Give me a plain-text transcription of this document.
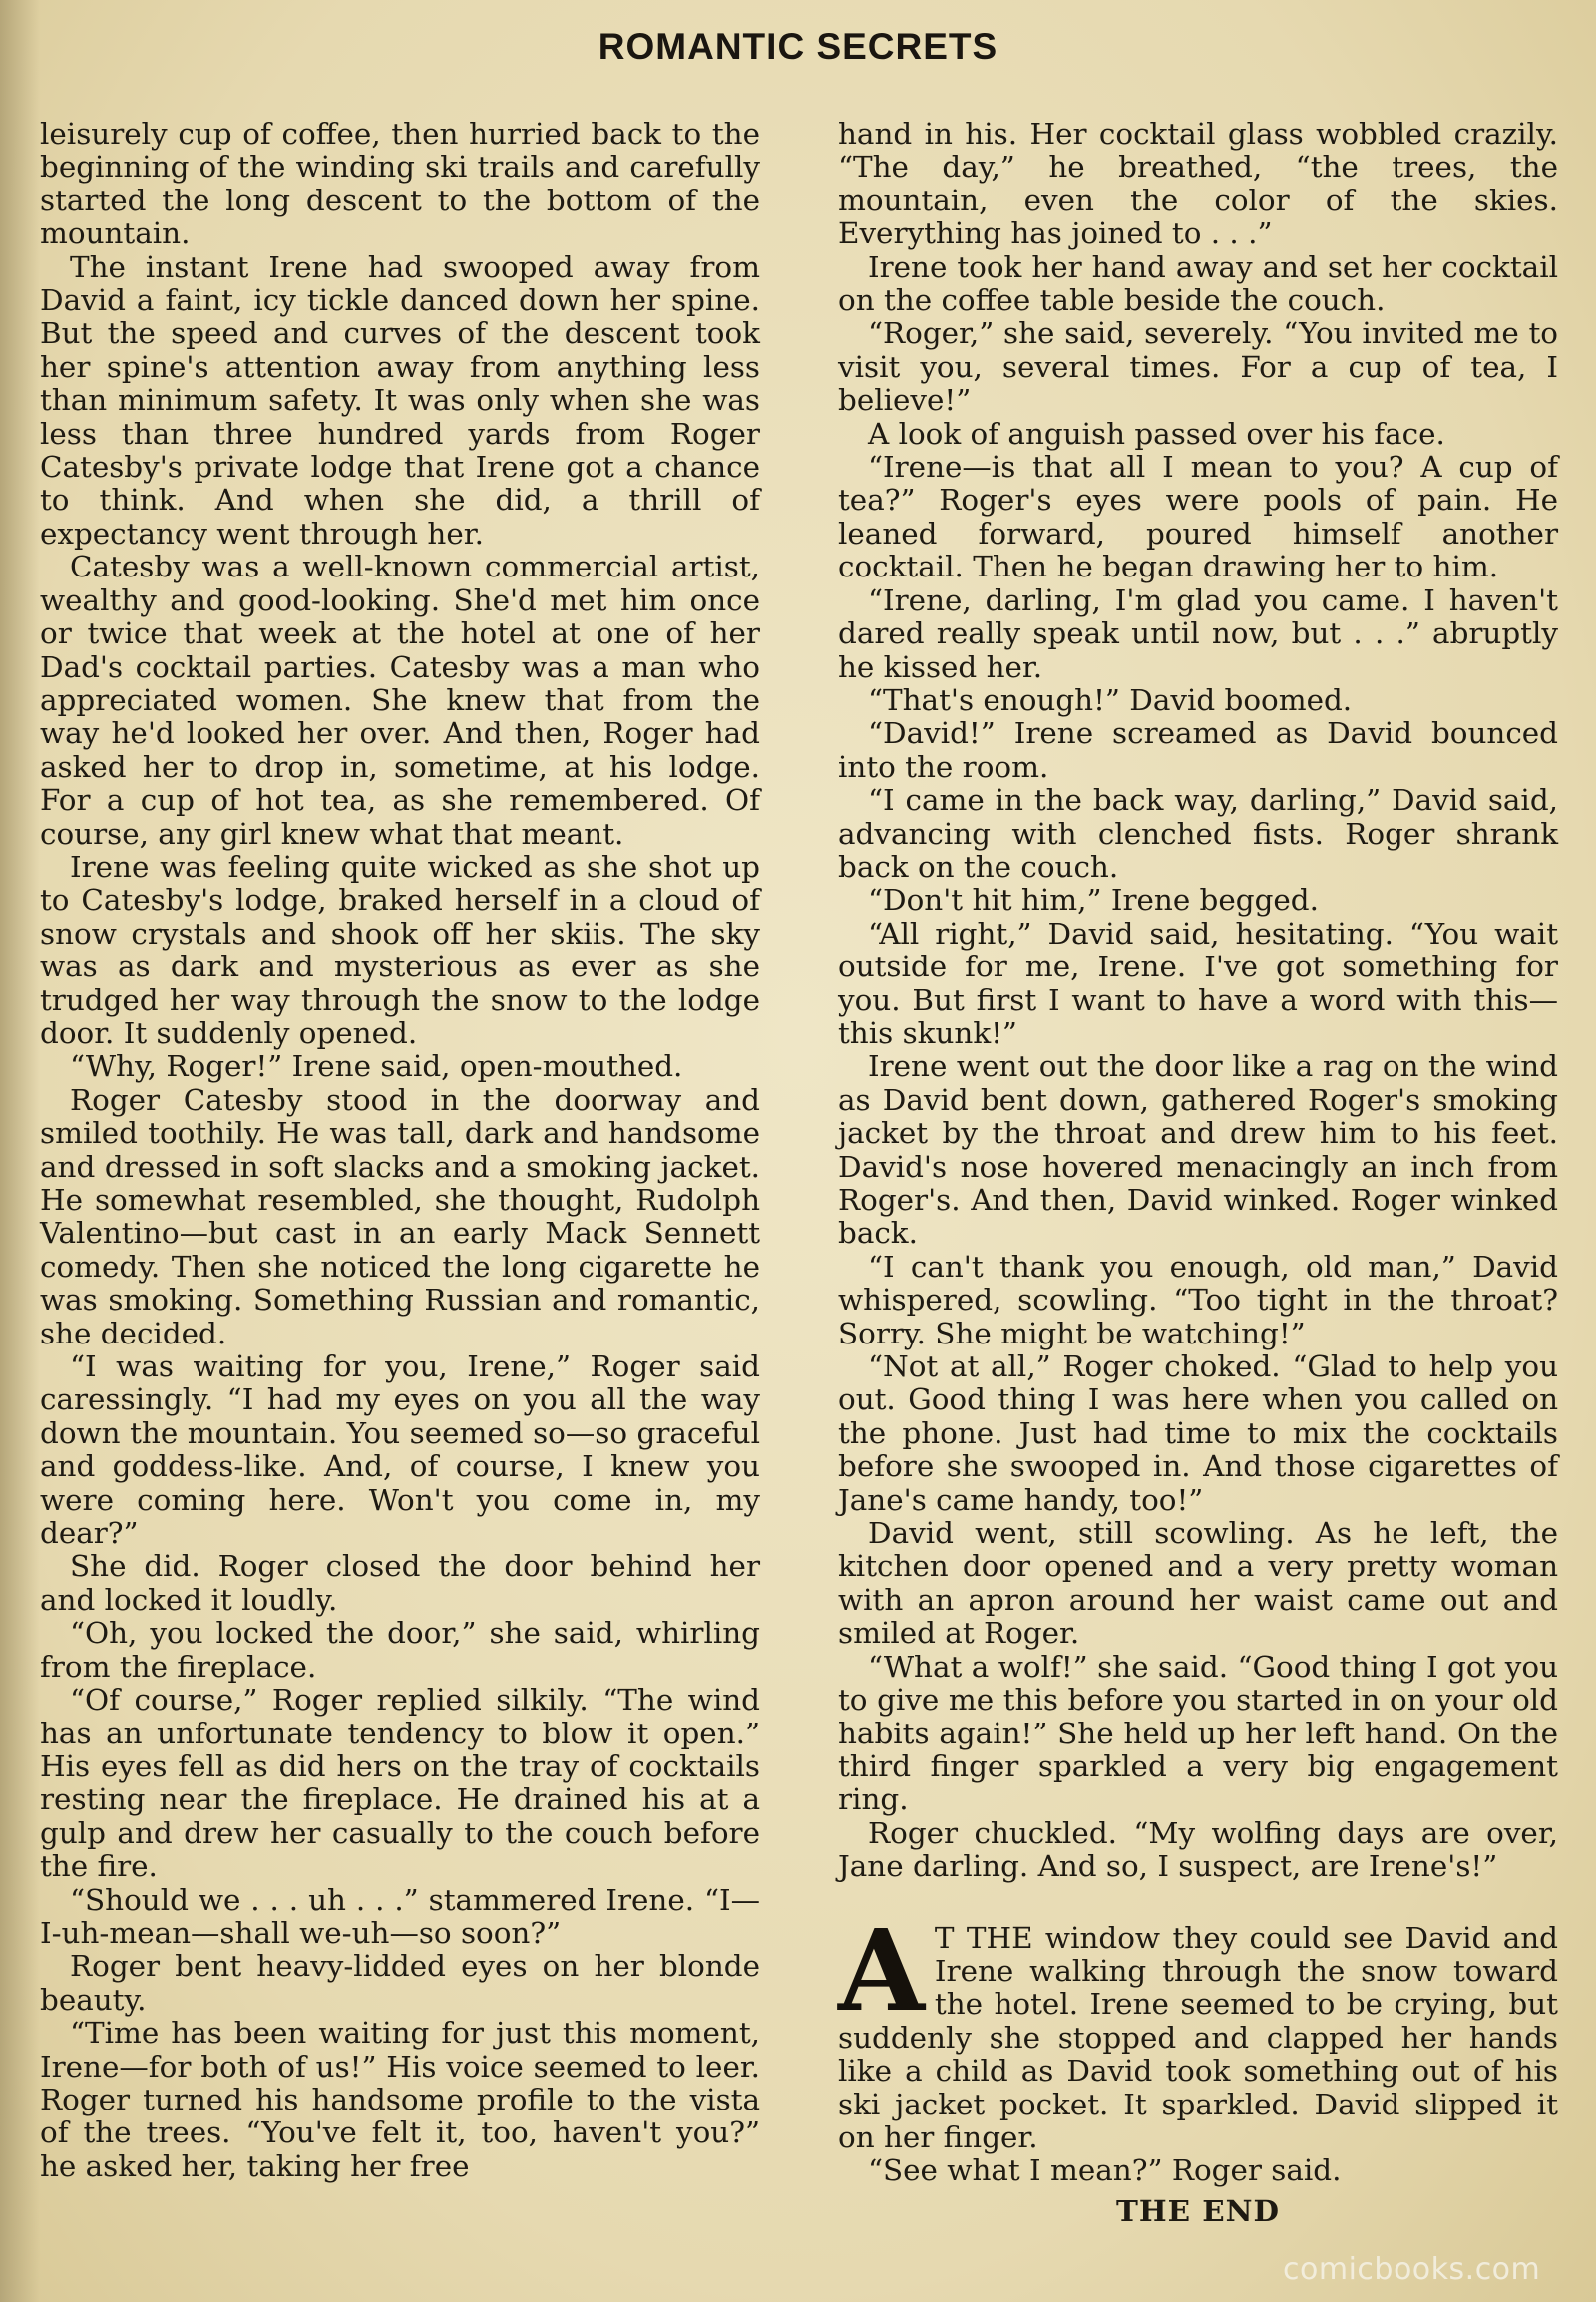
ROMANTIC SECRETS

leisurely cup of coffee, then hurried back to the beginning of the winding ski trails and carefully started the long descent to the bottom of the mountain.

The instant Irene had swooped away from David a faint, icy tickle danced down her spine. But the speed and curves of the descent took her spine's attention away from anything less than minimum safety. It was only when she was less than three hundred yards from Roger Catesby's private lodge that Irene got a chance to think. And when she did, a thrill of expectancy went through her.

Catesby was a well-known commercial artist, wealthy and good-looking. She'd met him once or twice that week at the hotel at one of her Dad's cocktail parties. Catesby was a man who appreciated women. She knew that from the way he'd looked her over. And then, Roger had asked her to drop in, sometime, at his lodge. For a cup of hot tea, as she remembered. Of course, any girl knew what that meant.

Irene was feeling quite wicked as she shot up to Catesby's lodge, braked herself in a cloud of snow crystals and shook off her skiis. The sky was as dark and mysterious as ever as she trudged her way through the snow to the lodge door. It suddenly opened.

“Why, Roger!” Irene said, open-mouthed.

Roger Catesby stood in the doorway and smiled toothily. He was tall, dark and handsome and dressed in soft slacks and a smoking jacket. He somewhat resembled, she thought, Rudolph Valentino—but cast in an early Mack Sennett comedy. Then she noticed the long cigarette he was smoking. Something Russian and romantic, she decided.

“I was waiting for you, Irene,” Roger said caressingly. “I had my eyes on you all the way down the mountain. You seemed so—so graceful and goddess-like. And, of course, I knew you were coming here. Won't you come in, my dear?”

She did. Roger closed the door behind her and locked it loudly.

“Oh, you locked the door,” she said, whirling from the fireplace.

“Of course,” Roger replied silkily. “The wind has an unfortunate tendency to blow it open.” His eyes fell as did hers on the tray of cocktails resting near the fireplace. He drained his at a gulp and drew her casually to the couch before the fire.

“Should we . . . uh . . .” stammered Irene. “I—I-uh-mean—shall we-uh—so soon?”

Roger bent heavy-lidded eyes on her blonde beauty.

“Time has been waiting for just this moment, Irene—for both of us!” His voice seemed to leer. Roger turned his handsome profile to the vista of the trees. “You've felt it, too, haven't you?” he asked her, taking her free

hand in his. Her cocktail glass wobbled crazily. “The day,” he breathed, “the trees, the mountain, even the color of the skies. Everything has joined to . . .”

Irene took her hand away and set her cocktail on the coffee table beside the couch.

“Roger,” she said, severely. “You invited me to visit you, several times. For a cup of tea, I believe!”

A look of anguish passed over his face.

“Irene—is that all I mean to you? A cup of tea?” Roger's eyes were pools of pain. He leaned forward, poured himself another cocktail. Then he began drawing her to him.

“Irene, darling, I'm glad you came. I haven't dared really speak until now, but . . .” abruptly he kissed her.

“That's enough!” David boomed.

“David!” Irene screamed as David bounced into the room.

“I came in the back way, darling,” David said, advancing with clenched fists. Roger shrank back on the couch.

“Don't hit him,” Irene begged.

“All right,” David said, hesitating. “You wait outside for me, Irene. I've got something for you. But first I want to have a word with this—this skunk!”

Irene went out the door like a rag on the wind as David bent down, gathered Roger's smoking jacket by the throat and drew him to his feet. David's nose hovered menacingly an inch from Roger's. And then, David winked. Roger winked back.

“I can't thank you enough, old man,” David whispered, scowling. “Too tight in the throat? Sorry. She might be watching!”

“Not at all,” Roger choked. “Glad to help you out. Good thing I was here when you called on the phone. Just had time to mix the cocktails before she swooped in. And those cigarettes of Jane's came handy, too!”

David went, still scowling. As he left, the kitchen door opened and a very pretty woman with an apron around her waist came out and smiled at Roger.

“What a wolf!” she said. “Good thing I got you to give me this before you started in on your old habits again!” She held up her left hand. On the third finger sparkled a very big engagement ring.

Roger chuckled. “My wolfing days are over, Jane darling. And so, I suspect, are Irene's!”

A T THE window they could see David and Irene walking through the snow toward the hotel. Irene seemed to be crying, but suddenly she stopped and clapped her hands like a child as David took something out of his ski jacket pocket. It sparkled. David slipped it on her finger.

“See what I mean?” Roger said.

THE END

comicbooks.com
